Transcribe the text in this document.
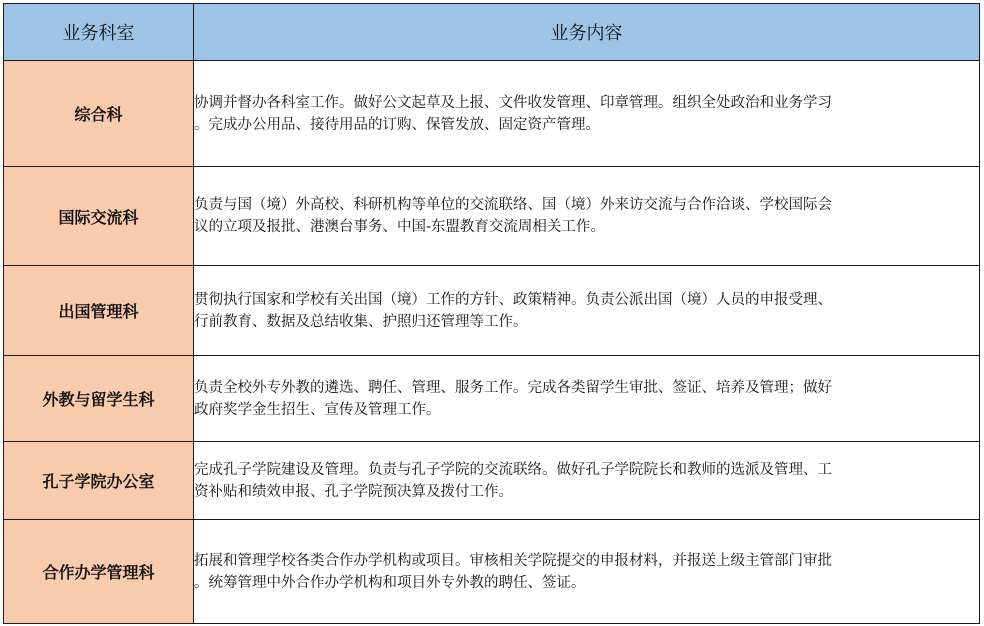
业务科室	业务内容
综合科	协调并督办各科室工作。做好公文起草及上报、文件收发管理、印章管理。组织全处政治和业务学习
。完成办公用品、接待用品的订购、保管发放、固定资产管理。

国际交流科	负责与国（境）外高校、科研机构等单位的交流联络、国（境）外来访交流与合作洽谈、学校国际会
议的立项及报批、港澳台事务、中国-东盟教育交流周相关工作。

出国管理科	贯彻执行国家和学校有关出国（境）工作的方针、政策精神。负责公派出国（境）人员的申报受理、
行前教育、数据及总结收集、护照归还管理等工作。

外教与留学生科	负责全校外专外教的遴选、聘任、管理、服务工作。完成各类留学生审批、签证、培养及管理；做好
政府奖学金生招生、宣传及管理工作。

孔子学院办公室	完成孔子学院建设及管理。负责与孔子学院的交流联络。做好孔子学院院长和教师的选派及管理、工
资补贴和绩效申报、孔子学院预决算及拨付工作。

合作办学管理科	拓展和管理学校各类合作办学机构或项目。审核相关学院提交的申报材料，并报送上级主管部门审批
。统筹管理中外合作办学机构和项目外专外教的聘任、签证。
